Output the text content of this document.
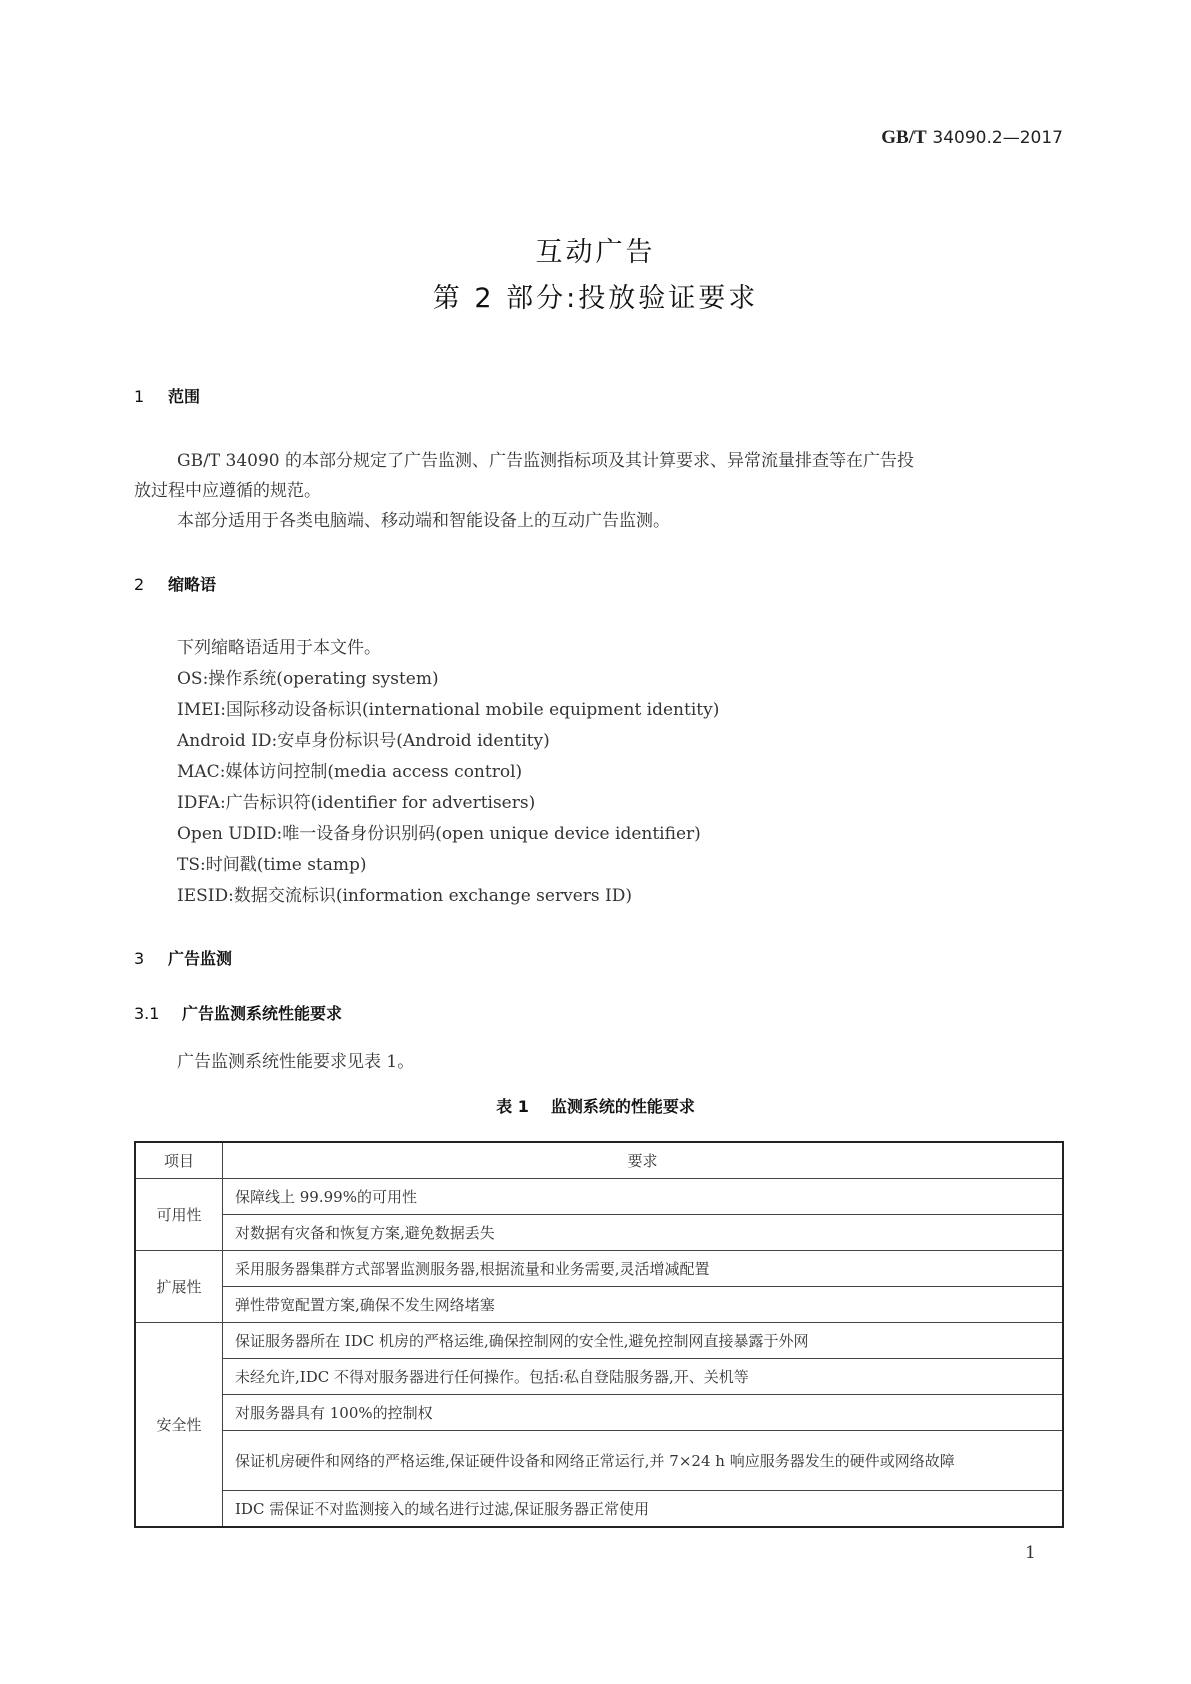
GB/T 34090.2—2017
互动广告
第 2 部分:投放验证要求
1 范围
GB/T 34090 的本部分规定了广告监测、广告监测指标项及其计算要求、异常流量排查等在广告投
放过程中应遵循的规范。
本部分适用于各类电脑端、移动端和智能设备上的互动广告监测。
2 缩略语
下列缩略语适用于本文件。
OS:操作系统(operating system)
IMEI:国际移动设备标识(international mobile equipment identity)
Android ID:安卓身份标识号(Android identity)
MAC:媒体访问控制(media access control)
IDFA:广告标识符(identifier for advertisers)
Open UDID:唯一设备身份识别码(open unique device identifier)
TS:时间戳(time stamp)
IESID:数据交流标识(information exchange servers ID)
3 广告监测
3.1 广告监测系统性能要求
广告监测系统性能要求见表 1。
表 1 监测系统的性能要求
项目	要求
可用性	保障线上 99.99%的可用性
	对数据有灾备和恢复方案,避免数据丢失
扩展性	采用服务器集群方式部署监测服务器,根据流量和业务需要,灵活增减配置
	弹性带宽配置方案,确保不发生网络堵塞
安全性	保证服务器所在 IDC 机房的严格运维,确保控制网的安全性,避免控制网直接暴露于外网
	未经允许,IDC 不得对服务器进行任何操作。包括:私自登陆服务器,开、关机等
	对服务器具有 100%的控制权
	保证机房硬件和网络的严格运维,保证硬件设备和网络正常运行,并 7×24 h 响应服务器发生的硬件或网络故障
	IDC 需保证不对监测接入的域名进行过滤,保证服务器正常使用
1
